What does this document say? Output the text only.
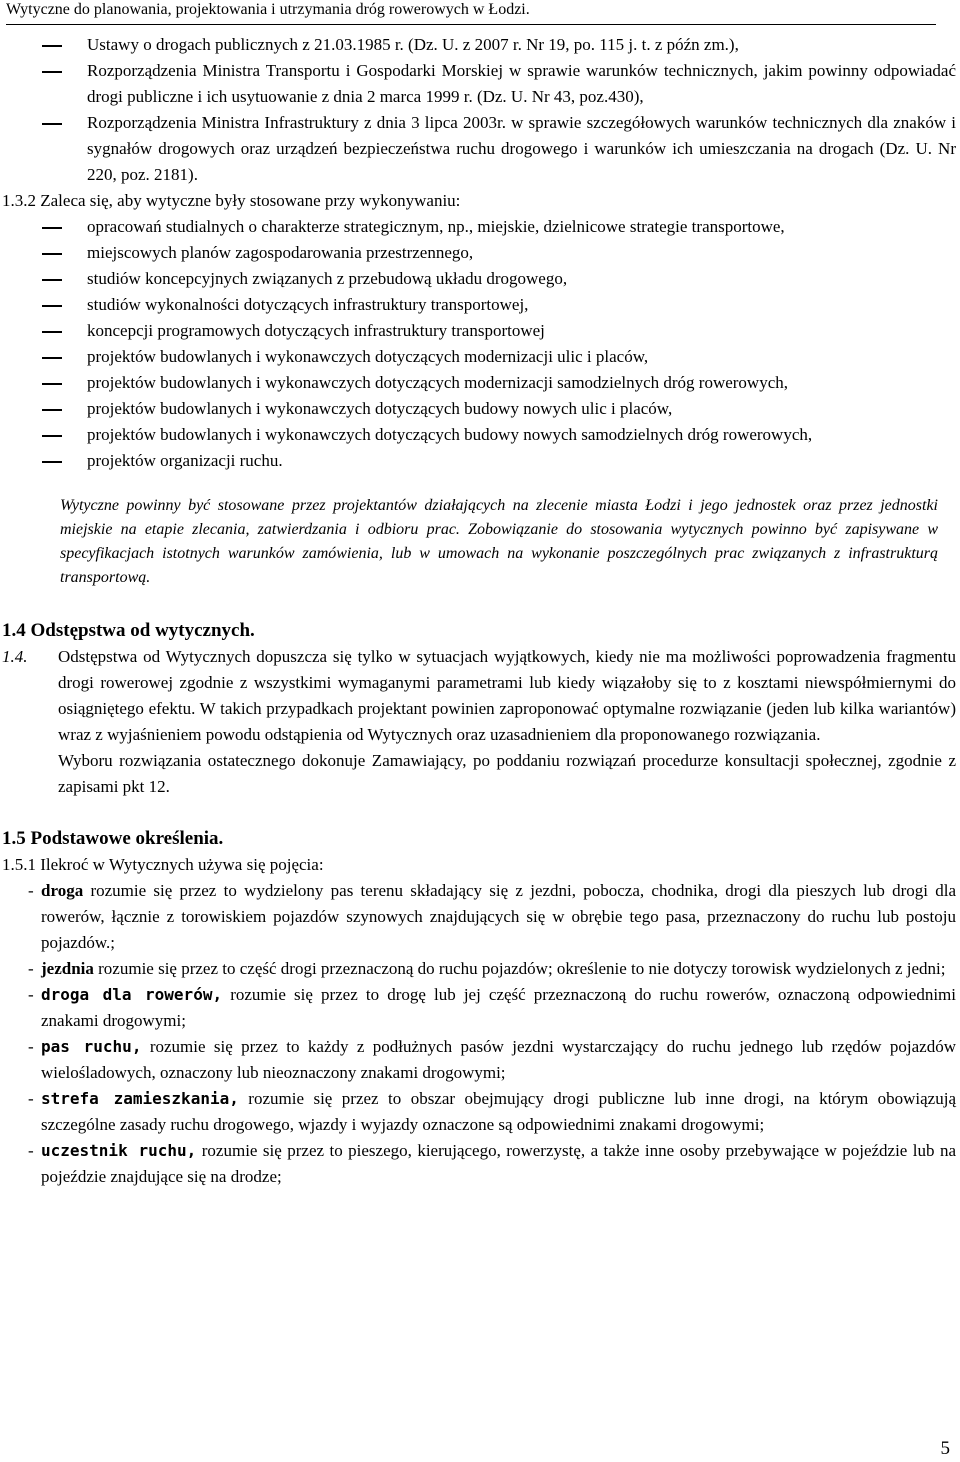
Wytyczne do planowania, projektowania i utrzymania dróg rowerowych w Łodzi.
Ustawy o drogach publicznych z 21.03.1985 r. (Dz. U. z 2007 r. Nr 19, po. 115 j. t. z późn zm.),
Rozporządzenia Ministra Transportu i Gospodarki Morskiej w sprawie warunków technicznych, jakim powinny odpowiadać drogi publiczne i ich usytuowanie z dnia 2 marca 1999 r. (Dz. U. Nr 43, poz.430),
Rozporządzenia Ministra Infrastruktury z dnia 3 lipca 2003r. w sprawie szczegółowych warunków technicznych dla znaków i sygnałów drogowych oraz urządzeń bezpieczeństwa ruchu drogowego i warunków ich umieszczania na drogach (Dz. U. Nr 220, poz. 2181).

1.3.2 Zaleca się, aby wytyczne były stosowane przy wykonywaniu:

opracowań studialnych o charakterze strategicznym, np., miejskie, dzielnicowe strategie transportowe,
miejscowych planów zagospodarowania przestrzennego,
studiów koncepcyjnych związanych z przebudową układu drogowego,
studiów wykonalności dotyczących infrastruktury transportowej,
koncepcji programowych dotyczących infrastruktury transportowej
projektów budowlanych i wykonawczych dotyczących modernizacji ulic i placów,
projektów budowlanych i wykonawczych dotyczących modernizacji samodzielnych dróg rowerowych,
projektów budowlanych i wykonawczych dotyczących budowy nowych ulic i placów,
projektów budowlanych i wykonawczych dotyczących budowy nowych samodzielnych dróg rowerowych,
projektów organizacji ruchu.

Wytyczne powinny być stosowane przez projektantów działających na zlecenie miasta Łodzi i jego jednostek oraz przez jednostki miejskie na etapie zlecania, zatwierdzania i odbioru prac. Zobowiązanie do stosowania wytycznych powinno być zapisywane w specyfikacjach istotnych warunków zamówienia, lub w umowach na wykonanie poszczególnych prac związanych z infrastrukturą transportową.

1.4 Odstępstwa od wytycznych.
1.4. Odstępstwa od Wytycznych dopuszcza się tylko w sytuacjach wyjątkowych, kiedy nie ma możliwości poprowadzenia fragmentu drogi rowerowej zgodnie z wszystkimi wymaganymi parametrami lub kiedy wiązałoby się to z kosztami niewspółmiernymi do osiągniętego efektu. W takich przypadkach projektant powinien zaproponować optymalne rozwiązanie (jeden lub kilka wariantów) wraz z wyjaśnieniem powodu odstąpienia od Wytycznych oraz uzasadnieniem dla proponowanego rozwiązania.
Wyboru rozwiązania ostatecznego dokonuje Zamawiający, po poddaniu rozwiązań procedurze konsultacji społecznej, zgodnie z zapisami pkt 12.
1.5 Podstawowe określenia.

1.5.1 Ilekroć w Wytycznych używa się pojęcia:

- droga rozumie się przez to wydzielony pas terenu składający się z jezdni, pobocza, chodnika, drogi dla pieszych lub drogi dla rowerów, łącznie z torowiskiem pojazdów szynowych znajdujących się w obrębie tego pasa, przeznaczony do ruchu lub postoju pojazdów.;
- jezdnia rozumie się przez to część drogi przeznaczoną do ruchu pojazdów; określenie to nie dotyczy torowisk wydzielonych z jedni;
- droga dla rowerów, rozumie się przez to drogę lub jej część przeznaczoną do ruchu rowerów, oznaczoną odpowiednimi znakami drogowymi;
- pas ruchu, rozumie się przez to każdy z podłużnych pasów jezdni wystarczający do ruchu jednego lub rzędów pojazdów wielośladowych, oznaczony lub nieoznaczony znakami drogowymi;
- strefa zamieszkania, rozumie się przez to obszar obejmujący drogi publiczne lub inne drogi, na którym obowiązują szczególne zasady ruchu drogowego, wjazdy i wyjazdy oznaczone są odpowiednimi znakami drogowymi;
- uczestnik ruchu, rozumie się przez to pieszego, kierującego, rowerzystę, a także inne osoby przebywające w pojeździe lub na pojeździe znajdujące się na drodze;
5
